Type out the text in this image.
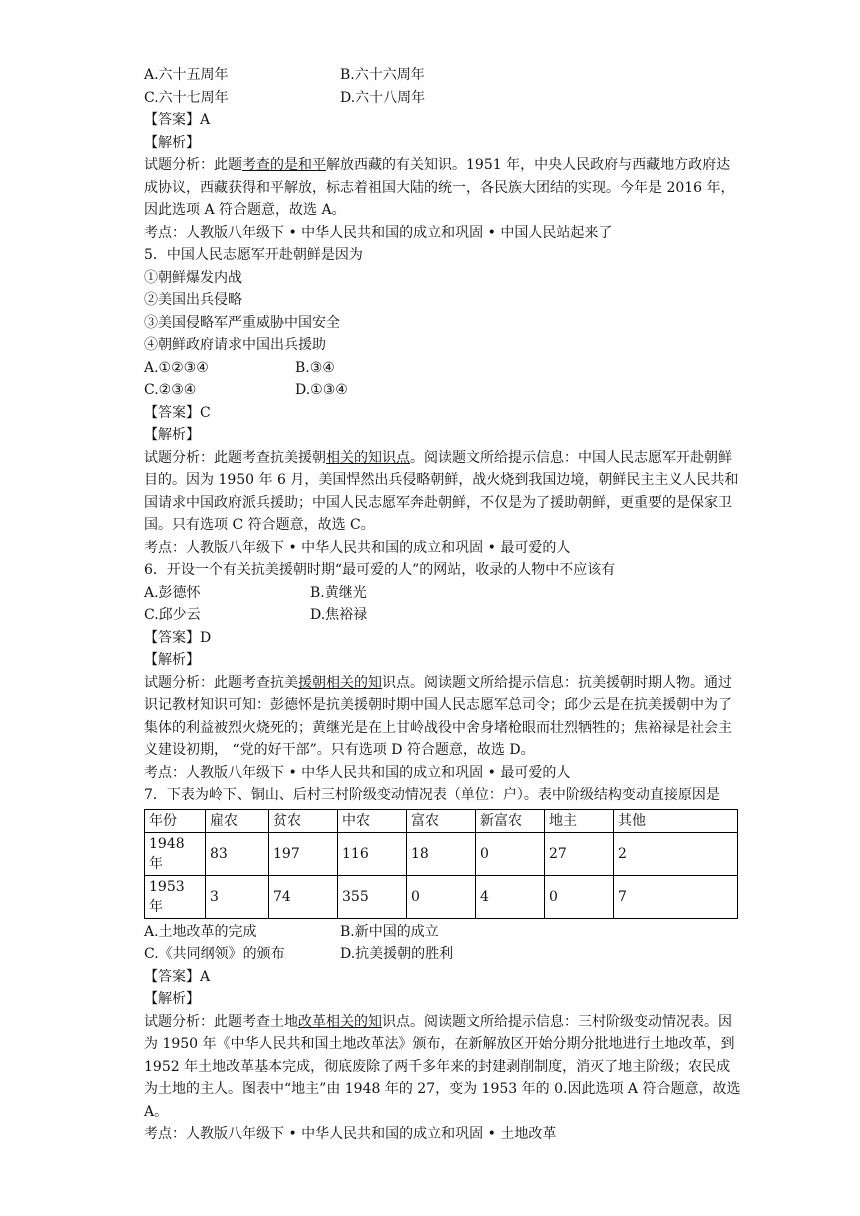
A.六十五周年	B.六十六周年
C.六十七周年	D.六十八周年
【答案】A
【解析】
试题分析：此题考查的是和平解放西藏的有关知识。1951 年，中央人民政府与西藏地方政府达成协议，西藏获得和平解放，标志着祖国大陆的统一，各民族大团结的实现。今年是 2016 年，因此选项 A 符合题意，故选 A。
考点：人教版八年级下 • 中华人民共和国的成立和巩固 • 中国人民站起来了
5．中国人民志愿军开赴朝鲜是因为
①朝鲜爆发内战
②美国出兵侵略
③美国侵略军严重威胁中国安全
④朝鲜政府请求中国出兵援助
A.①②③④	B.③④
C.②③④	D.①③④
【答案】C
【解析】
试题分析：此题考查抗美援朝相关的知识点。阅读题文所给提示信息：中国人民志愿军开赴朝鲜目的。因为 1950 年 6 月，美国悍然出兵侵略朝鲜，战火烧到我国边境，朝鲜民主主义人民共和国请求中国政府派兵援助；中国人民志愿军奔赴朝鲜，不仅是为了援助朝鲜，更重要的是保家卫国。只有选项 C 符合题意，故选 C。
考点：人教版八年级下 • 中华人民共和国的成立和巩固 • 最可爱的人
6．开设一个有关抗美援朝时期“最可爱的人”的网站，收录的人物中不应该有
A.彭德怀	B.黄继光
C.邱少云	D.焦裕禄
【答案】D
【解析】
试题分析：此题考查抗美援朝相关的知识点。阅读题文所给提示信息：抗美援朝时期人物。通过识记教材知识可知：彭德怀是抗美援朝时期中国人民志愿军总司令；邱少云是在抗美援朝中为了集体的利益被烈火烧死的；黄继光是在上甘岭战役中舍身堵枪眼而壮烈牺牲的；焦裕禄是社会主义建设初期， “党的好干部”。只有选项 D 符合题意，故选 D。
考点：人教版八年级下 • 中华人民共和国的成立和巩固 • 最可爱的人
7．下表为岭下、铜山、后村三村阶级变动情况表（单位：户）。表中阶级结构变动直接原因是
年份	雇农	贫农	中农	富农	新富农	地主	其他
1948 年	83	197	116	18	0	27	2
1953 年	3	74	355	0	4	0	7
A.土地改革的完成	B.新中国的成立
C.《共同纲领》的颁布	D.抗美援朝的胜利
【答案】A
【解析】
试题分析：此题考查土地改革相关的知识点。阅读题文所给提示信息：三村阶级变动情况表。因为 1950 年《中华人民共和国土地改革法》颁布，在新解放区开始分期分批地进行土地改革，到 1952 年土地改革基本完成，彻底废除了两千多年来的封建剥削制度，消灭了地主阶级；农民成为土地的主人。图表中“地主”由 1948 年的 27，变为 1953 年的 0.因此选项 A 符合题意，故选 A。
考点：人教版八年级下 • 中华人民共和国的成立和巩固 • 土地改革
